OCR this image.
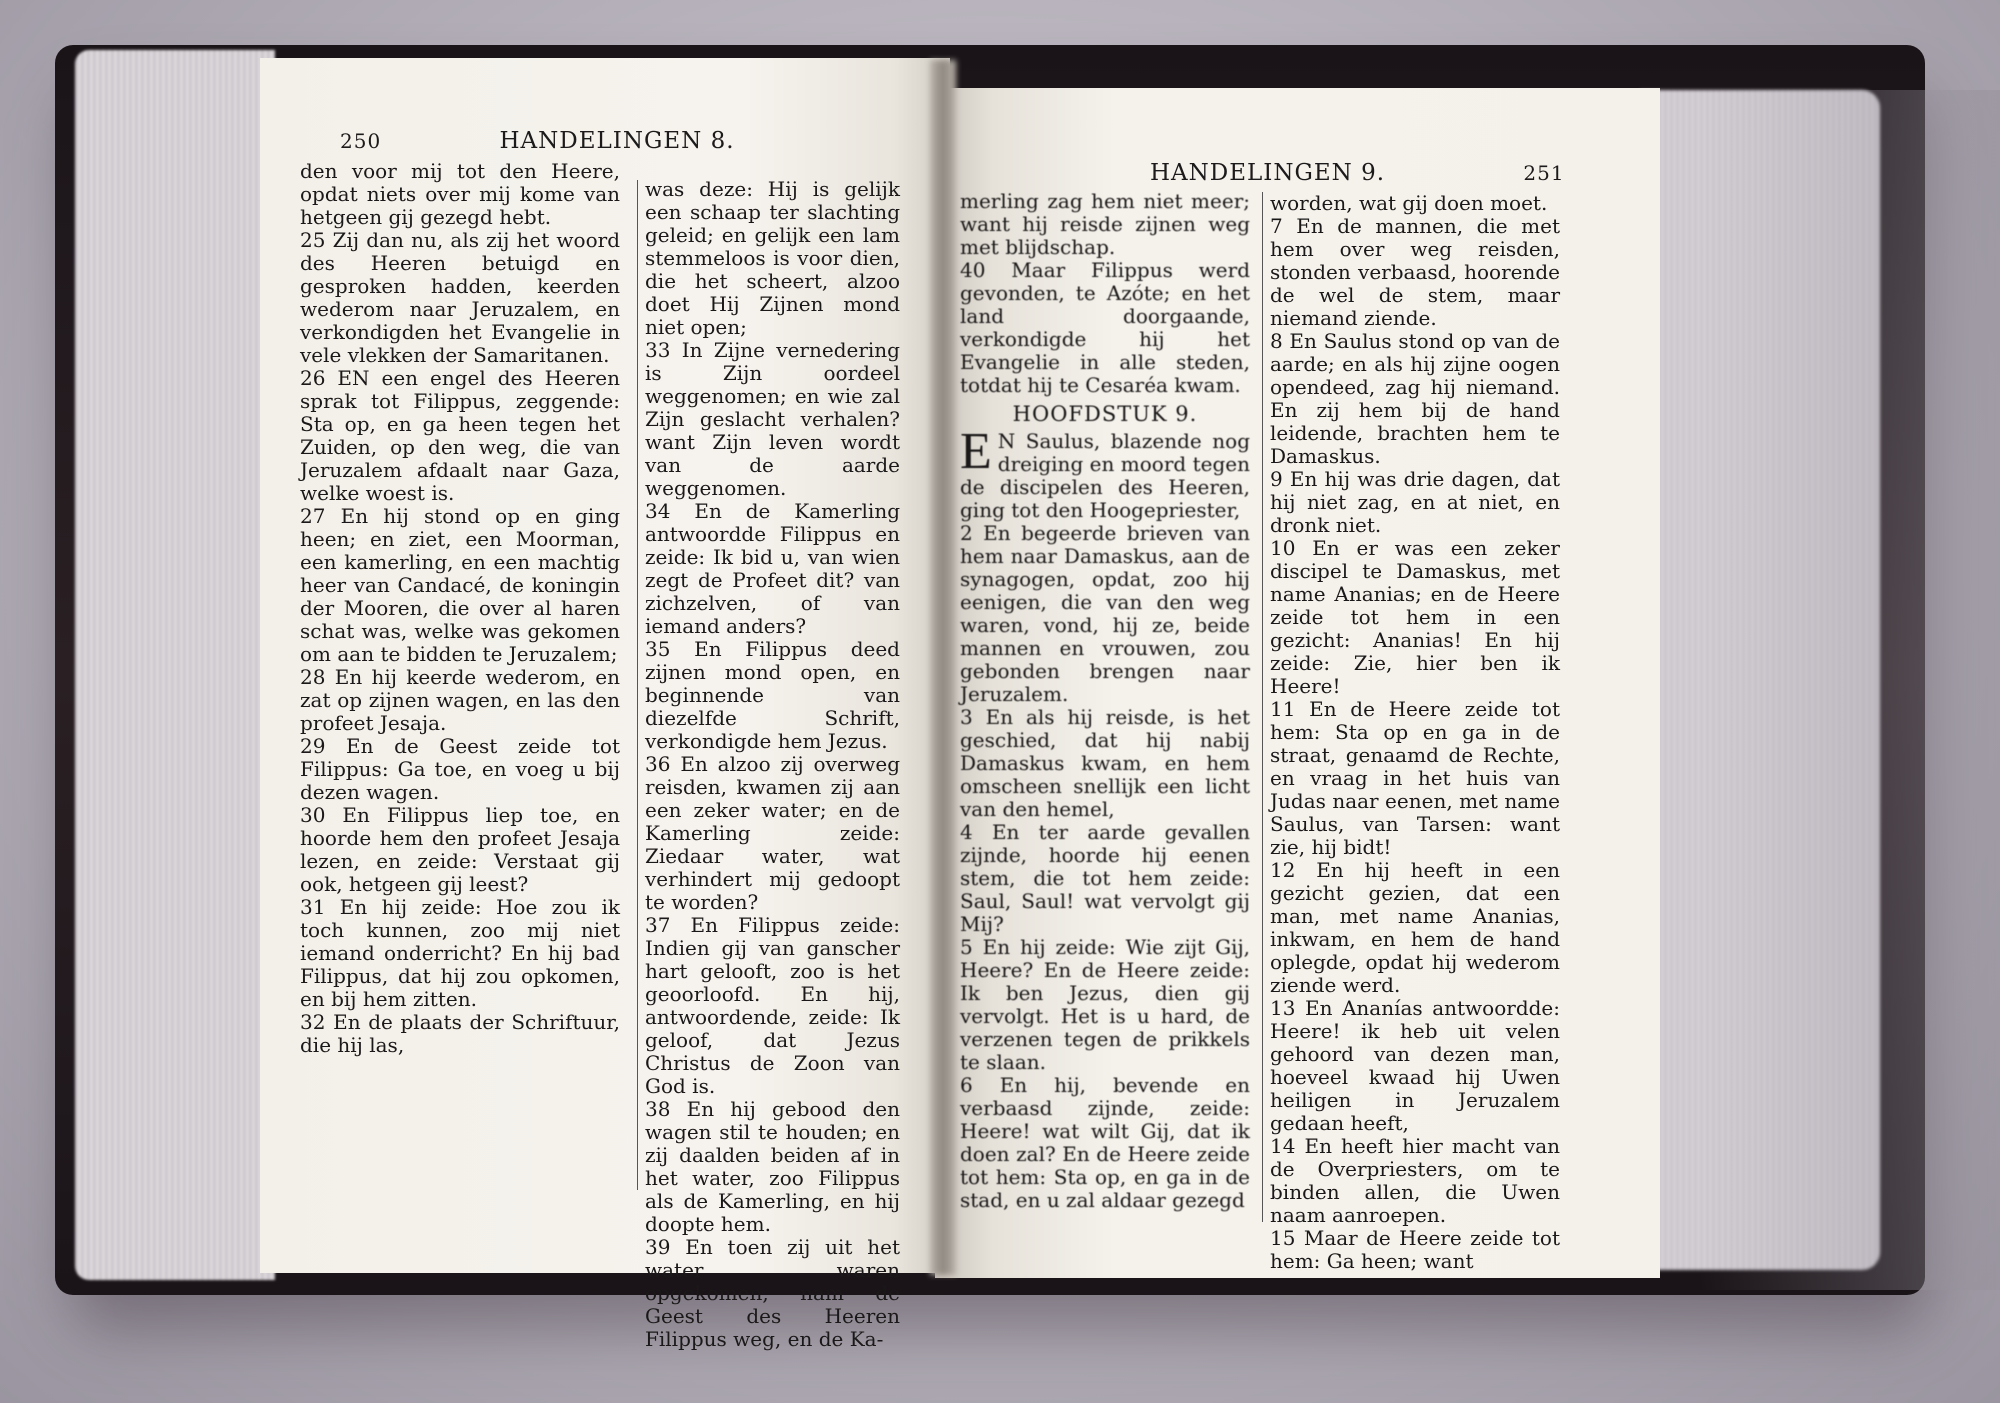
250	HANDELINGEN 8.
HANDELINGEN 9.	251

den voor mij tot den Heere, opdat niets over mij kome van hetgeen gij gezegd hebt.

25 Zij dan nu, als zij het woord des Heeren betuigd en gesproken hadden, keerden wederom naar Jeruzalem, en verkondigden het Evangelie in vele vlekken der Samaritanen.

26 EN een engel des Heeren sprak tot Filippus, zeggende: Sta op, en ga heen tegen het Zuiden, op den weg, die van Jeruzalem afdaalt naar Gaza, welke woest is.

27 En hij stond op en ging heen; en ziet, een Moorman, een kamerling, en een machtig heer van Candacé, de koningin der Mooren, die over al haren schat was, welke was gekomen om aan te bidden te Jeruzalem;

28 En hij keerde wederom, en zat op zijnen wagen, en las den profeet Jesaja.

29 En de Geest zeide tot Filippus: Ga toe, en voeg u bij dezen wagen.

30 En Filippus liep toe, en hoorde hem den profeet Jesaja lezen, en zeide: Verstaat gij ook, hetgeen gij leest?

31 En hij zeide: Hoe zou ik toch kunnen, zoo mij niet iemand onderricht? En hij bad Filippus, dat hij zou opkomen, en bij hem zitten.

32 En de plaats der Schriftuur, die hij las,

was deze: Hij is gelijk een schaap ter slachting geleid; en gelijk een lam stemmeloos is voor dien, die het scheert, alzoo doet Hij Zijnen mond niet open;

33 In Zijne vernedering is Zijn oordeel weggenomen; en wie zal Zijn geslacht verhalen? want Zijn leven wordt van de aarde weggenomen.

34 En de Kamerling antwoordde Filippus en zeide: Ik bid u, van wien zegt de Profeet dit? van zichzelven, of van iemand anders?

35 En Filippus deed zijnen mond open, en beginnende van diezelfde Schrift, verkondigde hem Jezus.

36 En alzoo zij overweg reisden, kwamen zij aan een zeker water; en de Kamerling zeide: Ziedaar water, wat verhindert mij gedoopt te worden?

37 En Filippus zeide: Indien gij van ganscher hart gelooft, zoo is het geoorloofd. En hij, antwoordende, zeide: Ik geloof, dat Jezus Christus de Zoon van God is.

38 En hij gebood den wagen stil te houden; en zij daalden beiden af in het water, zoo Filippus als de Kamerling, en hij doopte hem.

39 En toen zij uit het water waren opgekomen, nam de Geest des Heeren Filippus weg, en de Ka-

merling zag hem niet meer; want hij reisde zijnen weg met blijdschap.

40 Maar Filippus werd gevonden, te Azóte; en het land doorgaande, verkondigde hij het Evangelie in alle steden, totdat hij te Cesaréa kwam.

HOOFDSTUK 9.

E N Saulus, blazende nog dreiging en moord tegen de discipelen des Heeren, ging tot den Hoogepriester,

2 En begeerde brieven van hem naar Damaskus, aan de synagogen, opdat, zoo hij eenigen, die van den weg waren, vond, hij ze, beide mannen en vrouwen, zou gebonden brengen naar Jeruzalem.

3 En als hij reisde, is het geschied, dat hij nabij Damaskus kwam, en hem omscheen snellijk een licht van den hemel,

4 En ter aarde gevallen zijnde, hoorde hij eenen stem, die tot hem zeide: Saul, Saul! wat vervolgt gij Mij?

5 En hij zeide: Wie zijt Gij, Heere? En de Heere zeide: Ik ben Jezus, dien gij vervolgt. Het is u hard, de verzenen tegen de prikkels te slaan.

6 En hij, bevende en verbaasd zijnde, zeide: Heere! wat wilt Gij, dat ik doen zal? En de Heere zeide tot hem: Sta op, en ga in de stad, en u zal aldaar gezegd

worden, wat gij doen moet.

7 En de mannen, die met hem over weg reisden, stonden verbaasd, hoorende de wel de stem, maar niemand ziende.

8 En Saulus stond op van de aarde; en als hij zijne oogen opendeed, zag hij niemand. En zij hem bij de hand leidende, brachten hem te Damaskus.

9 En hij was drie dagen, dat hij niet zag, en at niet, en dronk niet.

10 En er was een zeker discipel te Damaskus, met name Ananias; en de Heere zeide tot hem in een gezicht: Ananias! En hij zeide: Zie, hier ben ik Heere!

11 En de Heere zeide tot hem: Sta op en ga in de straat, genaamd de Rechte, en vraag in het huis van Judas naar eenen, met name Saulus, van Tarsen: want zie, hij bidt!

12 En hij heeft in een gezicht gezien, dat een man, met name Ananias, inkwam, en hem de hand oplegde, opdat hij wederom ziende werd.

13 En Ananías antwoordde: Heere! ik heb uit velen gehoord van dezen man, hoeveel kwaad hij Uwen heiligen in Jeruzalem gedaan heeft,

14 En heeft hier macht van de Overpriesters, om te binden allen, die Uwen naam aanroepen.

15 Maar de Heere zeide tot hem: Ga heen; want
